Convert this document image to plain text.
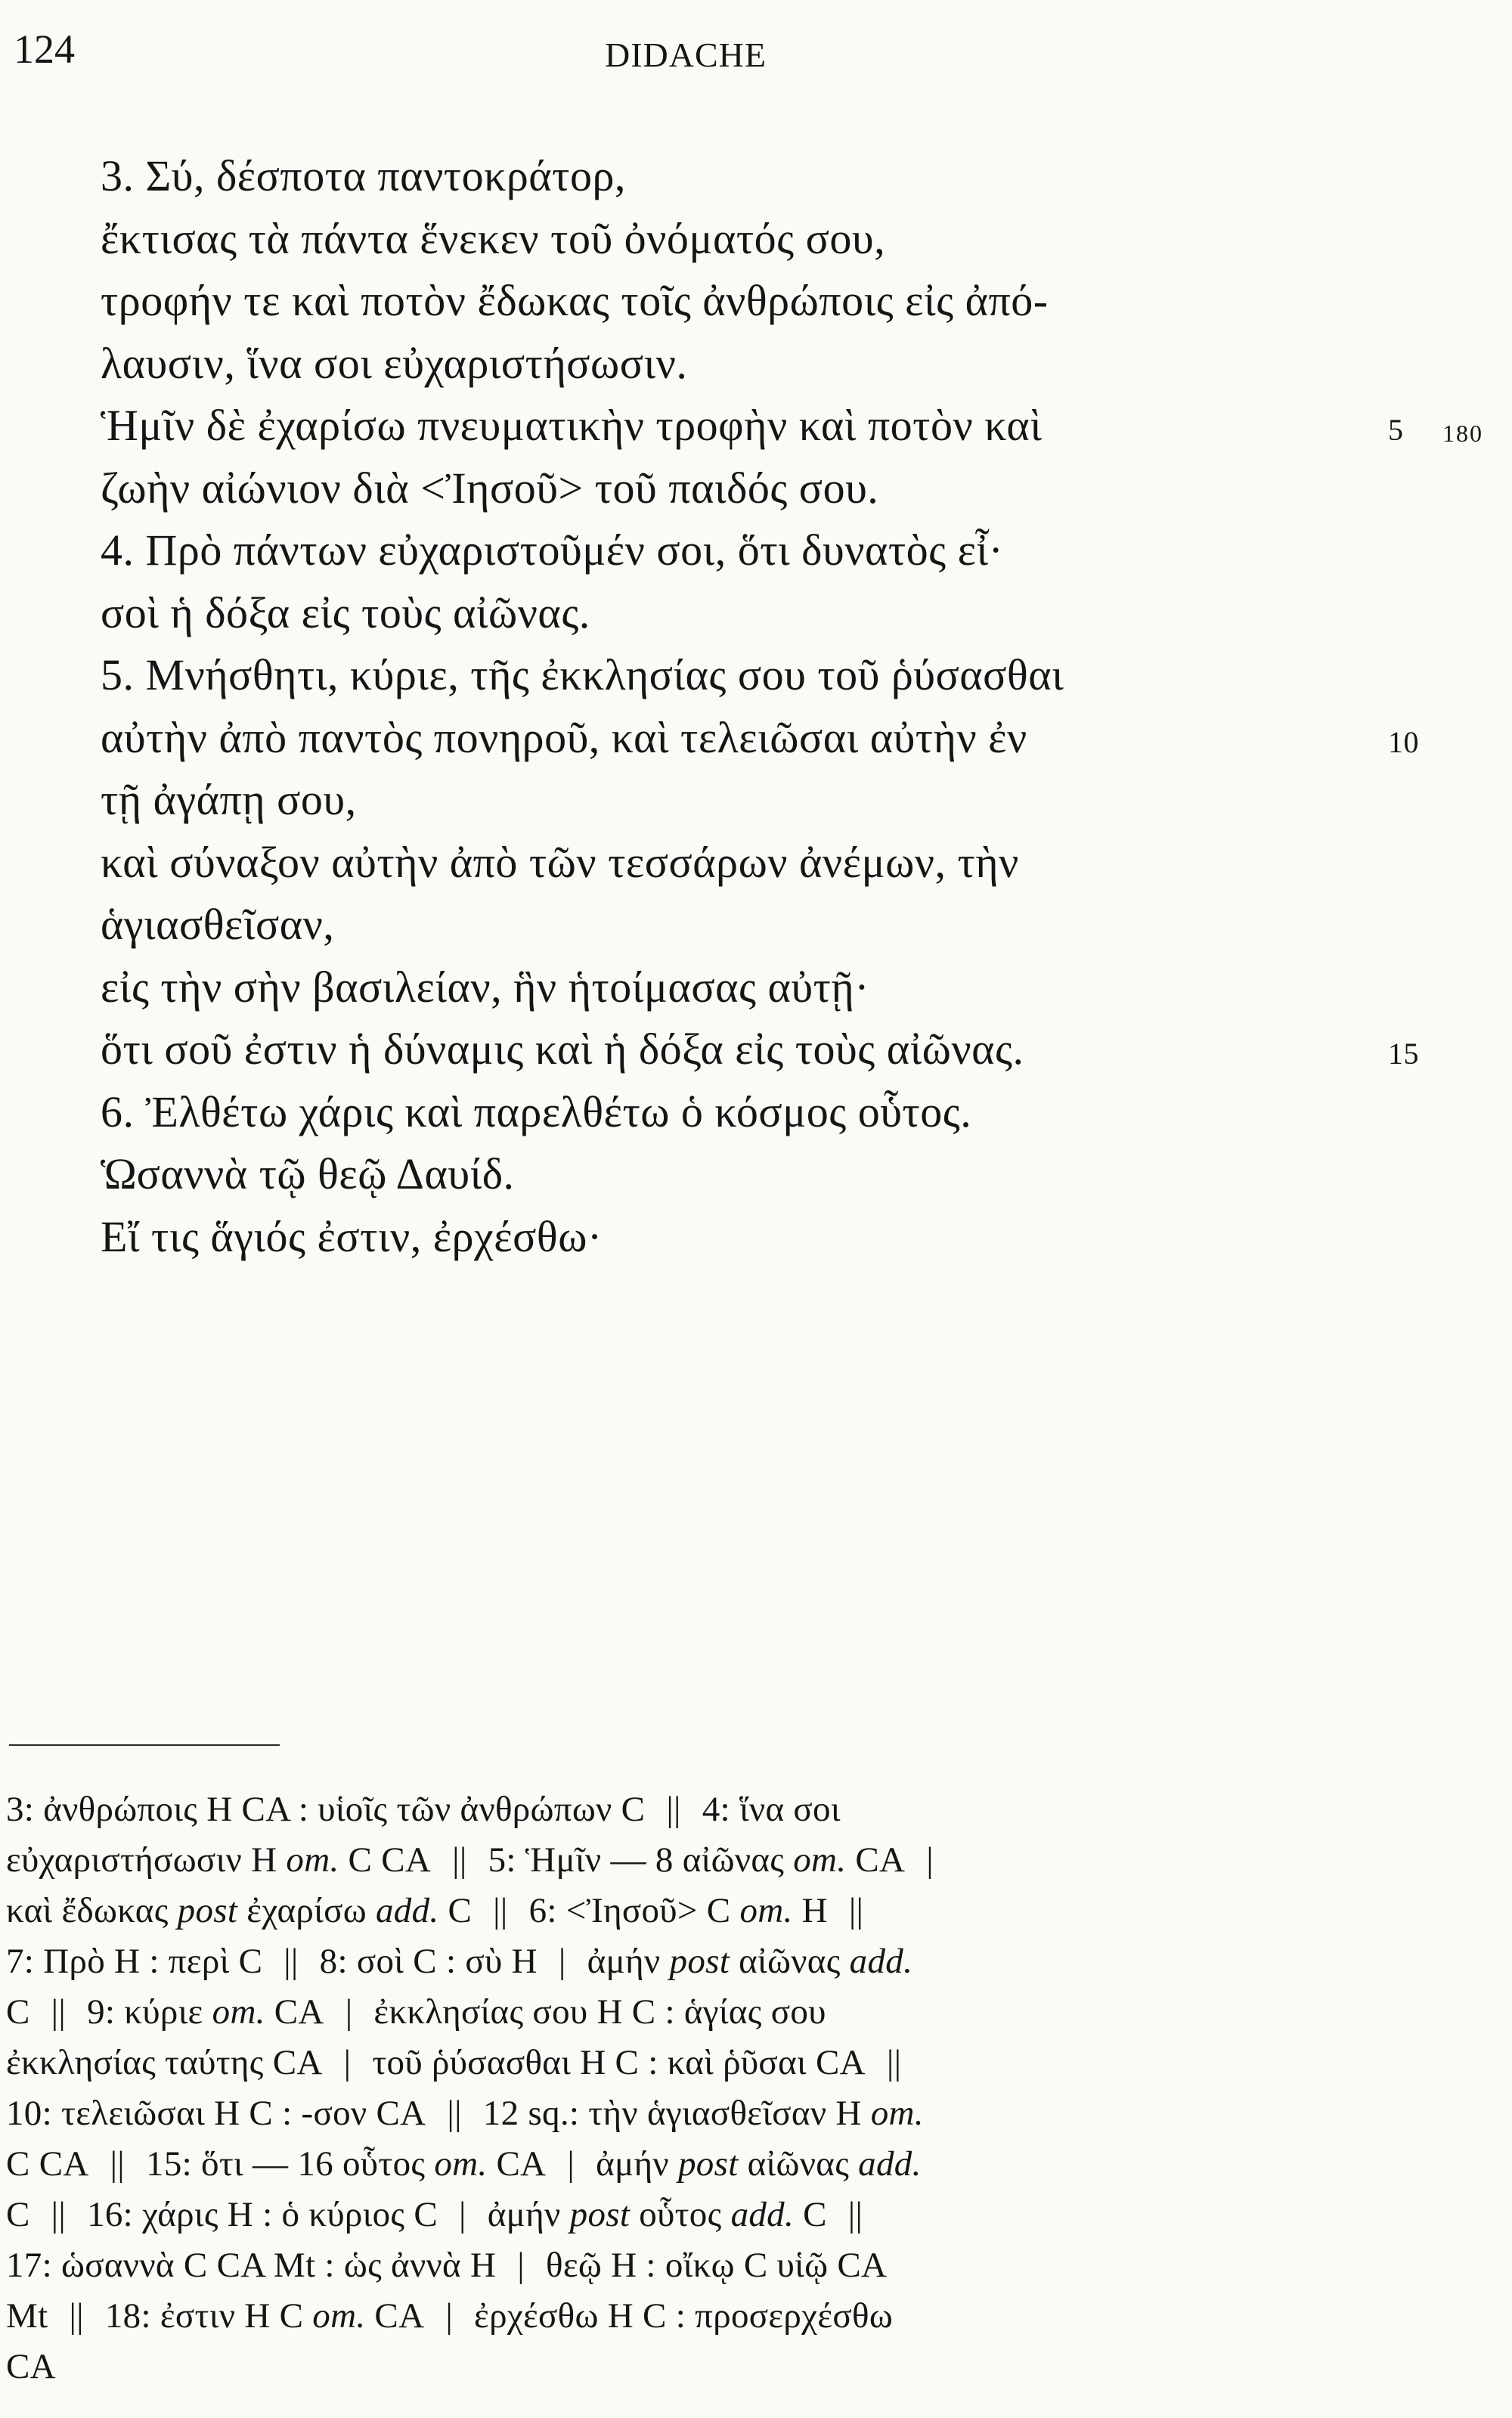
124	DIDACHE
3. Σύ, δέσποτα παντοκράτορ,
ἔκτισας τὰ πάντα ἕνεκεν τοῦ ὀνόματός σου,
τροφήν τε καὶ ποτὸν ἔδωκας τοῖς ἀνθρώποις εἰς ἀπό-
λαυσιν, ἵνα σοι εὐχαριστήσωσιν.
Ἡμῖν δὲ ἐχαρίσω πνευματικὴν τροφὴν καὶ ποτὸν καὶ	5 180
ζωὴν αἰώνιον διὰ <Ἰησοῦ> τοῦ παιδός σου.
4. Πρὸ πάντων εὐχαριστοῦμέν σοι, ὅτι δυνατὸς εἶ·
σοὶ ἡ δόξα εἰς τοὺς αἰῶνας.
5. Μνήσθητι, κύριε, τῆς ἐκκλησίας σου τοῦ ῥύσασθαι
αὐτὴν ἀπὸ παντὸς πονηροῦ, καὶ τελειῶσαι αὐτὴν ἐν	10
τῇ ἀγάπῃ σου,
καὶ σύναξον αὐτὴν ἀπὸ τῶν τεσσάρων ἀνέμων, τὴν
ἁγιασθεῖσαν,
εἰς τὴν σὴν βασιλείαν, ἣν ἡτοίμασας αὐτῇ·
ὅτι σοῦ ἐστιν ἡ δύναμις καὶ ἡ δόξα εἰς τοὺς αἰῶνας.	15
6. Ἐλθέτω χάρις καὶ παρελθέτω ὁ κόσμος οὗτος.
Ὡσαννὰ τῷ θεῷ Δαυίδ.
Εἴ τις ἅγιός ἐστιν, ἐρχέσθω·
3: ἀνθρώποις H CA : υἱοῖς τῶν ἀνθρώπων C || 4: ἵνα σοι
εὐχαριστήσωσιν H om. C CA || 5: Ἡμῖν — 8 αἰῶνας om. CA |
καὶ ἔδωκας post ἐχαρίσω add. C || 6: <Ἰησοῦ> C om. H ||
7: Πρὸ H : περὶ C || 8: σοὶ C : σὺ H | ἀμήν post αἰῶνας add.
C || 9: κύριε om. CA | ἐκκλησίας σου H C : ἁγίας σου
ἐκκλησίας ταύτης CA | τοῦ ῥύσασθαι H C : καὶ ῥῦσαι CA ||
10: τελειῶσαι H C : -σον CA || 12 sq.: τὴν ἁγιασθεῖσαν H om.
C CA || 15: ὅτι — 16 οὗτος om. CA | ἀμήν post αἰῶνας add.
C || 16: χάρις H : ὁ κύριος C | ἀμήν post οὗτος add. C ||
17: ὡσαννὰ C CA Mt : ὡς ἀννὰ H | θεῷ H : οἴκῳ C υἱῷ CA
Mt || 18: ἐστιν H C om. CA | ἐρχέσθω H C : προσερχέσθω
CA
